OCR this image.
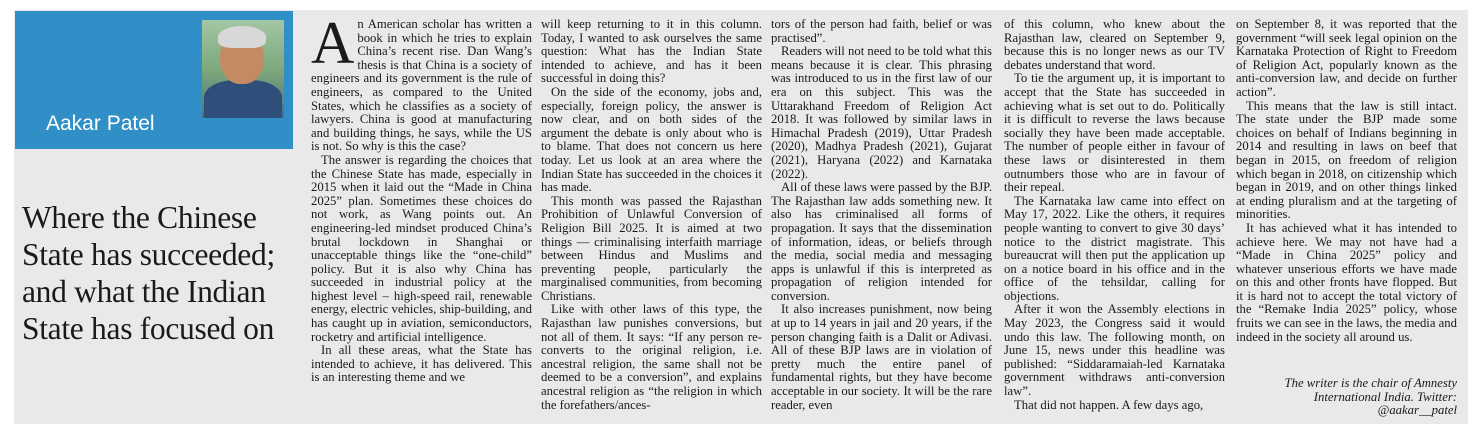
Aakar Patel
Where the Chinese State has succeeded; and what the Indian State has focused on

An American scholar has written a book in which he tries to explain China’s recent rise. Dan Wang’s thesis is that China is a society of engineers and its government is the rule of engineers, as compared to the United States, which he classifies as a society of lawyers. China is good at manufacturing and building things, he says, while the US is not. So why is this the case?

The answer is regarding the choices that the Chinese State has made, especially in 2015 when it laid out the “Made in China 2025” plan. Sometimes these choices do not work, as Wang points out. An engineering-led mindset produced China’s brutal lockdown in Shanghai or unacceptable things like the “one-child” policy. But it is also why China has succeeded in industrial policy at the highest level – high-speed rail, renewable energy, electric vehicles, ship-building, and has caught up in aviation, semiconductors, rocketry and artificial intelligence.

In all these areas, what the State has intended to achieve, it has delivered. This is an interesting theme and we

will keep returning to it in this column. Today, I wanted to ask ourselves the same question: What has the Indian State intended to achieve, and has it been successful in doing this?

On the side of the economy, jobs and, especially, foreign policy, the answer is now clear, and on both sides of the argument the debate is only about who is to blame. That does not concern us here today. Let us look at an area where the Indian State has succeeded in the choices it has made.

This month was passed the Rajasthan Prohibition of Unlawful Conversion of Religion Bill 2025. It is aimed at two things — criminalising interfaith marriage between Hindus and Muslims and preventing people, particularly the marginalised communities, from becoming Christians.

Like with other laws of this type, the Rajasthan law punishes conversions, but not all of them. It says: “If any person re-converts to the original religion, i.e. ancestral religion, the same shall not be deemed to be a conversion”, and explains ancestral religion as “the religion in which the forefathers/ances-

tors of the person had faith, belief or was practised”.

Readers will not need to be told what this means because it is clear. This phrasing was introduced to us in the first law of our era on this subject. This was the Uttarakhand Freedom of Religion Act 2018. It was followed by similar laws in Himachal Pradesh (2019), Uttar Pradesh (2020), Madhya Pradesh (2021), Gujarat (2021), Haryana (2022) and Karnataka (2022).

All of these laws were passed by the BJP. The Rajasthan law adds something new. It also has criminalised all forms of propagation. It says that the dissemination of information, ideas, or beliefs through the media, social media and messaging apps is unlawful if this is interpreted as propagation of religion intended for conversion.

It also increases punishment, now being at up to 14 years in jail and 20 years, if the person changing faith is a Dalit or Adivasi. All of these BJP laws are in violation of pretty much the entire panel of fundamental rights, but they have become acceptable in our society. It will be the rare reader, even

of this column, who knew about the Rajasthan law, cleared on September 9, because this is no longer news as our TV debates understand that word.

To tie the argument up, it is important to accept that the State has succeeded in achieving what is set out to do. Politically it is difficult to reverse the laws because socially they have been made acceptable. The number of people either in favour of these laws or disinterested in them outnumbers those who are in favour of their repeal.

The Karnataka law came into effect on May 17, 2022. Like the others, it requires people wanting to convert to give 30 days’ notice to the district magistrate. This bureaucrat will then put the application up on a notice board in his office and in the office of the tehsildar, calling for objections.

After it won the Assembly elections in May 2023, the Congress said it would undo this law. The following month, on June 15, news under this headline was published: “Siddaramaiah-led Karnataka government withdraws anti-conversion law”.

That did not happen. A few days ago,

on September 8, it was reported that the government “will seek legal opinion on the Karnataka Protection of Right to Freedom of Religion Act, popularly known as the anti-conversion law, and decide on further action”.

This means that the law is still intact. The state under the BJP made some choices on behalf of Indians beginning in 2014 and resulting in laws on beef that began in 2015, on freedom of religion which began in 2018, on citizenship which began in 2019, and on other things linked at ending pluralism and at the targeting of minorities.

It has achieved what it has intended to achieve here. We may not have had a “Made in China 2025” policy and whatever unserious efforts we have made on this and other fronts have flopped. But it is hard not to accept the total victory of the “Remake India 2025” policy, whose fruits we can see in the laws, the media and indeed in the society all around us.

The writer is the chair of Amnesty International India. Twitter: @aakar__patel
